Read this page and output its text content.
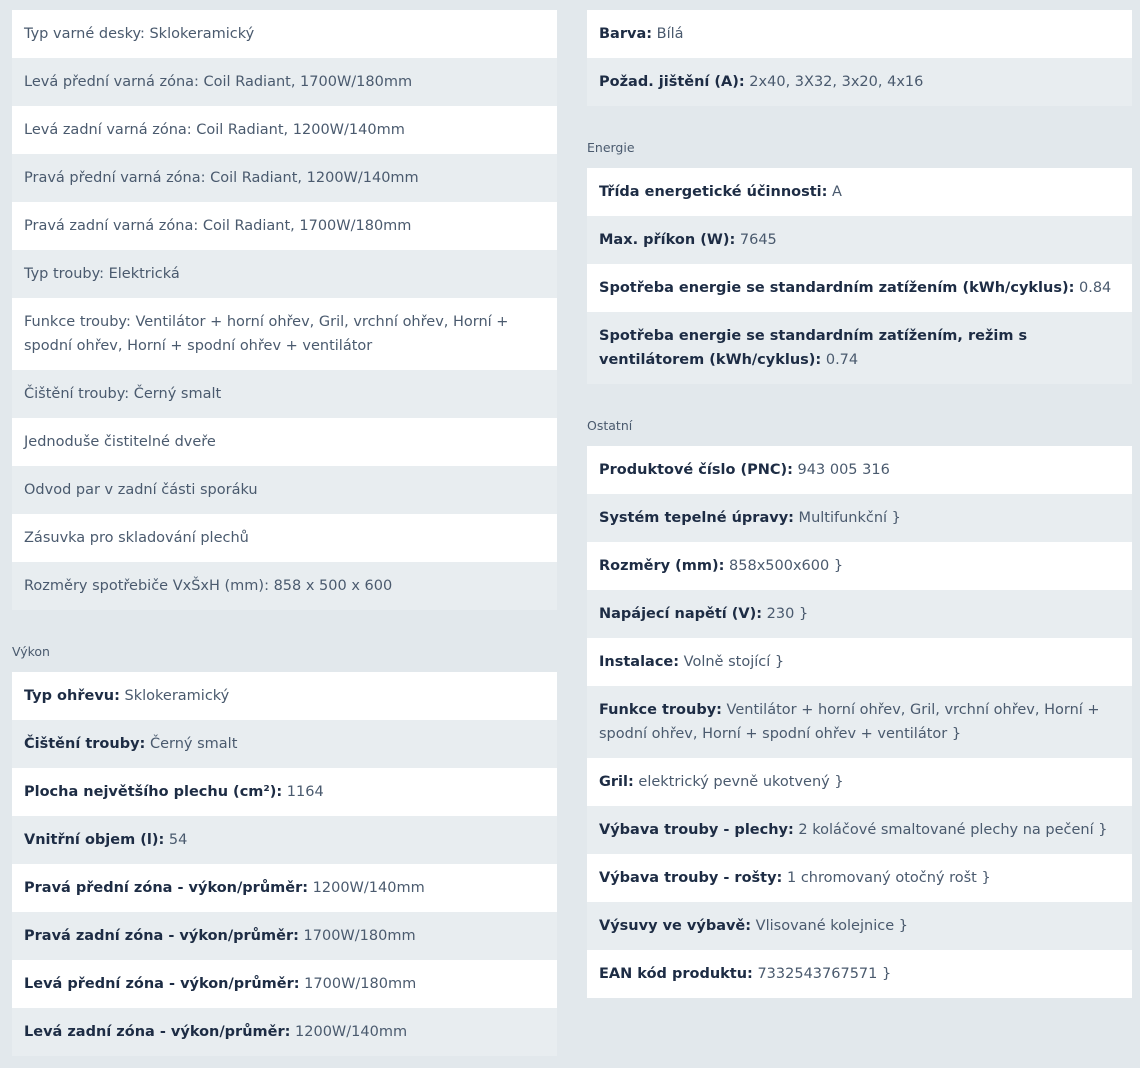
Typ varné desky: Sklokeramický
Levá přední varná zóna: Coil Radiant, 1700W/180mm
Levá zadní varná zóna: Coil Radiant, 1200W/140mm
Pravá přední varná zóna: Coil Radiant, 1200W/140mm
Pravá zadní varná zóna: Coil Radiant, 1700W/180mm
Typ trouby: Elektrická
Funkce trouby: Ventilátor + horní ohřev, Gril, vrchní ohřev, Horní + spodní ohřev, Horní + spodní ohřev + ventilátor
Čištění trouby: Černý smalt
Jednoduše čistitelné dveře
Odvod par v zadní části sporáku
Zásuvka pro skladování plechů
Rozměry spotřebiče VxŠxH (mm): 858 x 500 x 600
Výkon
Typ ohřevu: Sklokeramický
Čištění trouby: Černý smalt
Plocha největšího plechu (cm²): 1164
Vnitřní objem (l): 54
Pravá přední zóna - výkon/průměr: 1200W/140mm
Pravá zadní zóna - výkon/průměr: 1700W/180mm
Levá přední zóna - výkon/průměr: 1700W/180mm
Levá zadní zóna - výkon/průměr: 1200W/140mm
Barva: Bílá
Požad. jištění (A): 2x40, 3X32, 3x20, 4x16
Energie
Třída energetické účinnosti: A
Max. příkon (W): 7645
Spotřeba energie se standardním zatížením (kWh/cyklus): 0.84
Spotřeba energie se standardním zatížením, režim s ventilátorem (kWh/cyklus): 0.74
Ostatní
Produktové číslo (PNC): 943 005 316
Systém tepelné úpravy: Multifunkční }
Rozměry (mm): 858x500x600 }
Napájecí napětí (V): 230 }
Instalace: Volně stojící }
Funkce trouby: Ventilátor + horní ohřev, Gril, vrchní ohřev, Horní + spodní ohřev, Horní + spodní ohřev + ventilátor }
Gril: elektrický pevně ukotvený }
Výbava trouby - plechy: 2 koláčové smaltované plechy na pečení }
Výbava trouby - rošty: 1 chromovaný otočný rošt }
Výsuvy ve výbavě: Vlisované kolejnice }
EAN kód produktu: 7332543767571 }
